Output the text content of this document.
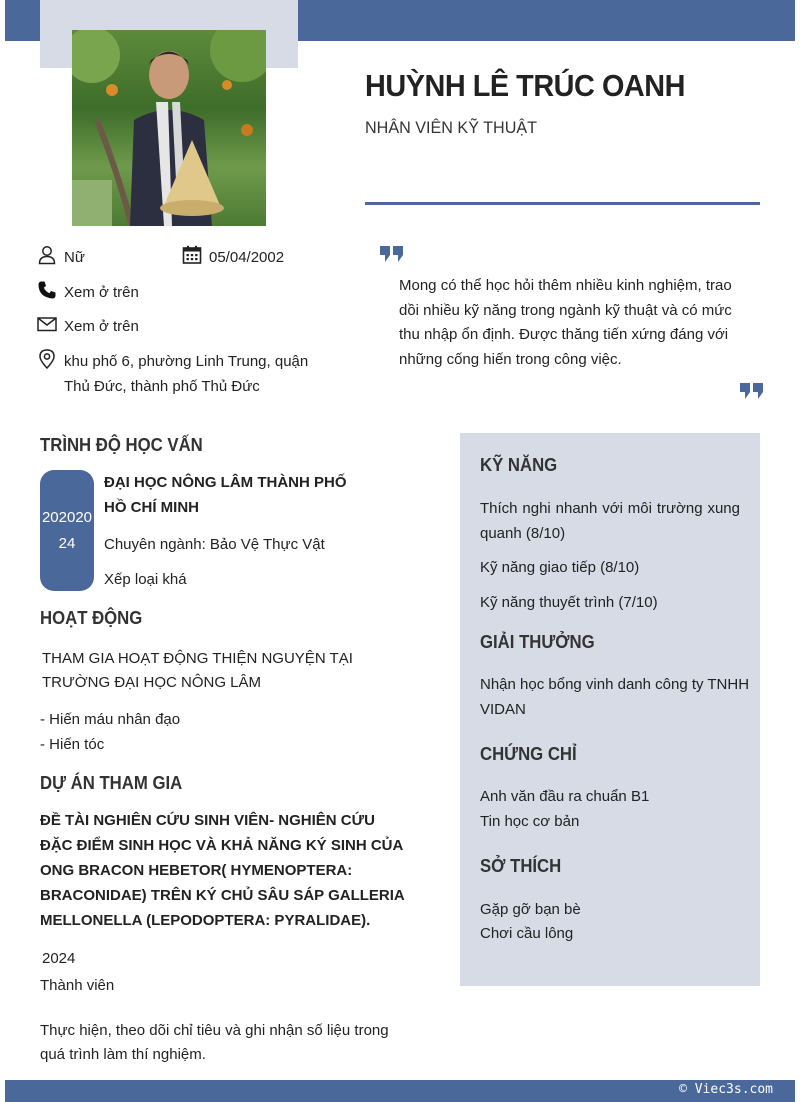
HUỲNH LÊ TRÚC OANH
NHÂN VIÊN KỸ THUẬT
Nữ	05/04/2002
Xem ở trên
Xem ở trên
khu phố 6, phường Linh Trung, quận
Thủ Đức, thành phố Thủ Đức
Mong có thể học hỏi thêm nhiều kinh nghiệm, trao dồi nhiều kỹ năng trong ngành kỹ thuật và có mức thu nhập ổn định. Được thăng tiến xứng đáng với những cống hiến trong công việc.
TRÌNH ĐỘ HỌC VẤN
202020
24
ĐẠI HỌC NÔNG LÂM THÀNH PHỐ HỒ CHÍ MINH
Chuyên ngành: Bảo Vệ Thực Vật
Xếp loại khá
HOẠT ĐỘNG
THAM GIA HOẠT ĐỘNG THIỆN NGUYỆN TẠI
TRƯỜNG ĐẠI HỌC NÔNG LÂM
- Hiến máu nhân đạo
- Hiến tóc
DỰ ÁN THAM GIA
ĐỀ TÀI NGHIÊN CỨU SINH VIÊN- NGHIÊN CỨU ĐẶC ĐIỂM SINH HỌC VÀ KHẢ NĂNG KÝ SINH CỦA ONG BRACON HEBETOR( HYMENOPTERA: BRACONIDAE) TRÊN KÝ CHỦ SÂU SÁP GALLERIA MELLONELLA (LEPODOPTERA: PYRALIDAE).
2024
Thành viên
Thực hiện, theo dõi chỉ tiêu và ghi nhận số liệu trong
quá trình làm thí nghiệm.
KỸ NĂNG
Thích nghi nhanh với môi trường xung quanh (8/10)
Kỹ năng giao tiếp (8/10)
Kỹ năng thuyết trình (7/10)
GIẢI THƯỞNG
Nhận học bổng vinh danh công ty TNHH VIDAN
CHỨNG CHỈ
Anh văn đầu ra chuẩn B1
Tin học cơ bản
SỞ THÍCH
Gặp gỡ bạn bè
Chơi cầu lông
© Viec3s.com
